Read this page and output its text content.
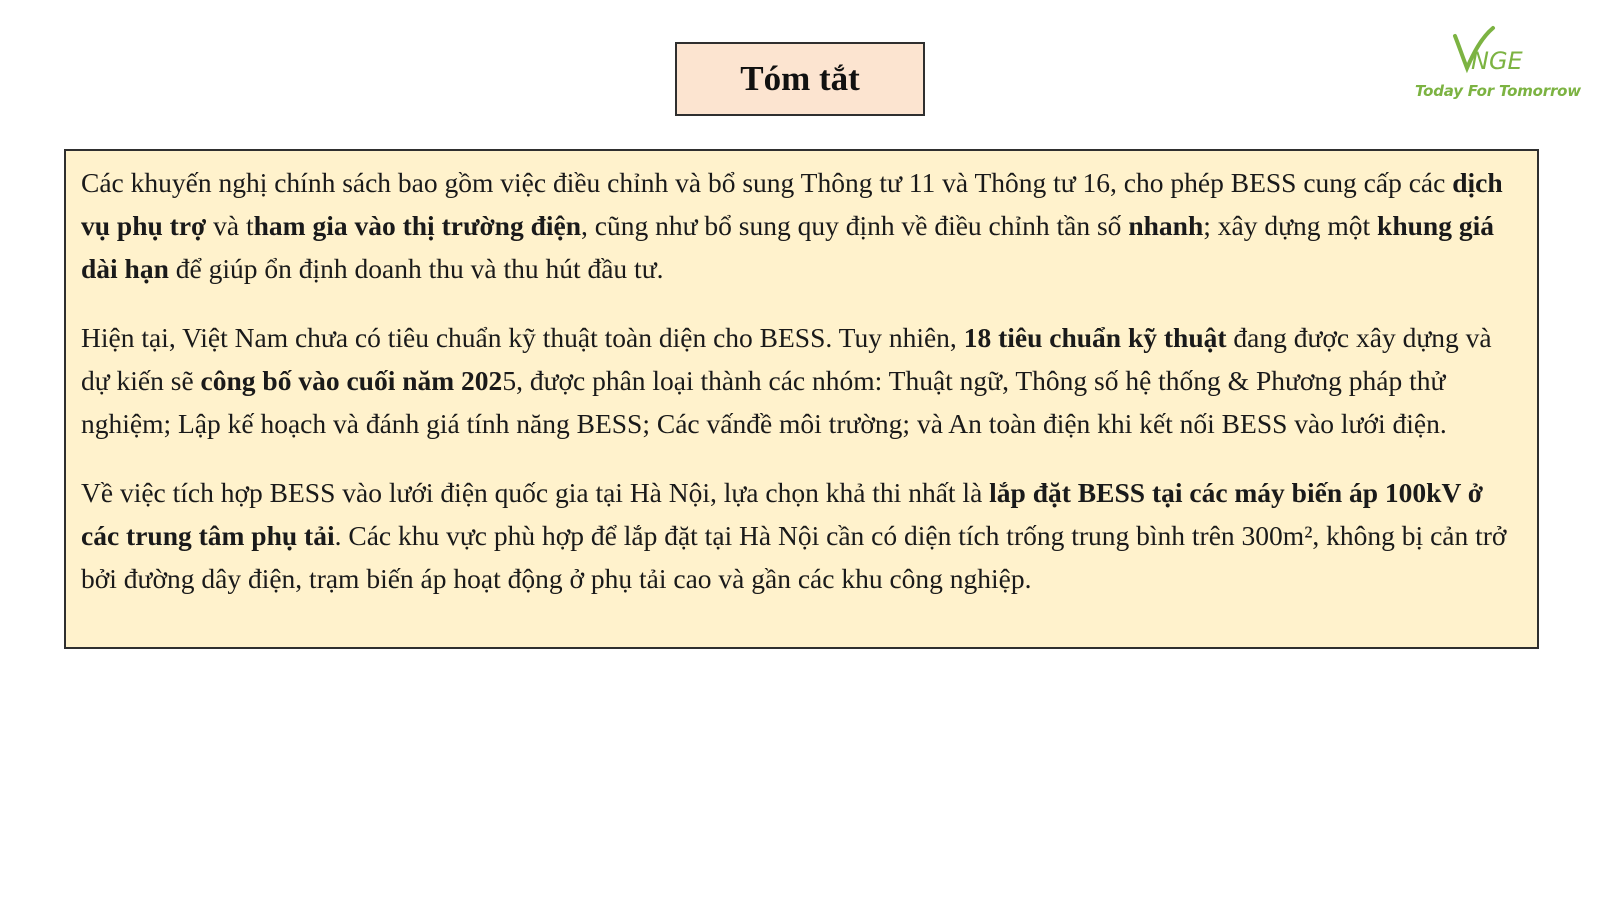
Tóm tắt	NGE
Today For Tomorrow

Các khuyến nghị chính sách bao gồm việc điều chỉnh và bổ sung Thông tư 11 và Thông tư 16, cho phép BESS cung cấp các dịch vụ phụ trợ và tham gia vào thị trường điện, cũng như bổ sung quy định về điều chỉnh tần số nhanh; xây dựng một khung giá dài hạn để giúp ổn định doanh thu và thu hút đầu tư.

Hiện tại, Việt Nam chưa có tiêu chuẩn kỹ thuật toàn diện cho BESS. Tuy nhiên, 18 tiêu chuẩn kỹ thuật đang được xây dựng và dự kiến sẽ công bố vào cuối năm 2025, được phân loại thành các nhóm: Thuật ngữ, Thông số hệ thống & Phương pháp thử nghiệm; Lập kế hoạch và đánh giá tính năng BESS; Các vấnđề môi trường; và An toàn điện khi kết nối BESS vào lưới điện.

Về việc tích hợp BESS vào lưới điện quốc gia tại Hà Nội, lựa chọn khả thi nhất là lắp đặt BESS tại các máy biến áp 100kV ở các trung tâm phụ tải. Các khu vực phù hợp để lắp đặt tại Hà Nội cần có diện tích trống trung bình trên 300m², không bị cản trở bởi đường dây điện, trạm biến áp hoạt động ở phụ tải cao và gần các khu công nghiệp.
